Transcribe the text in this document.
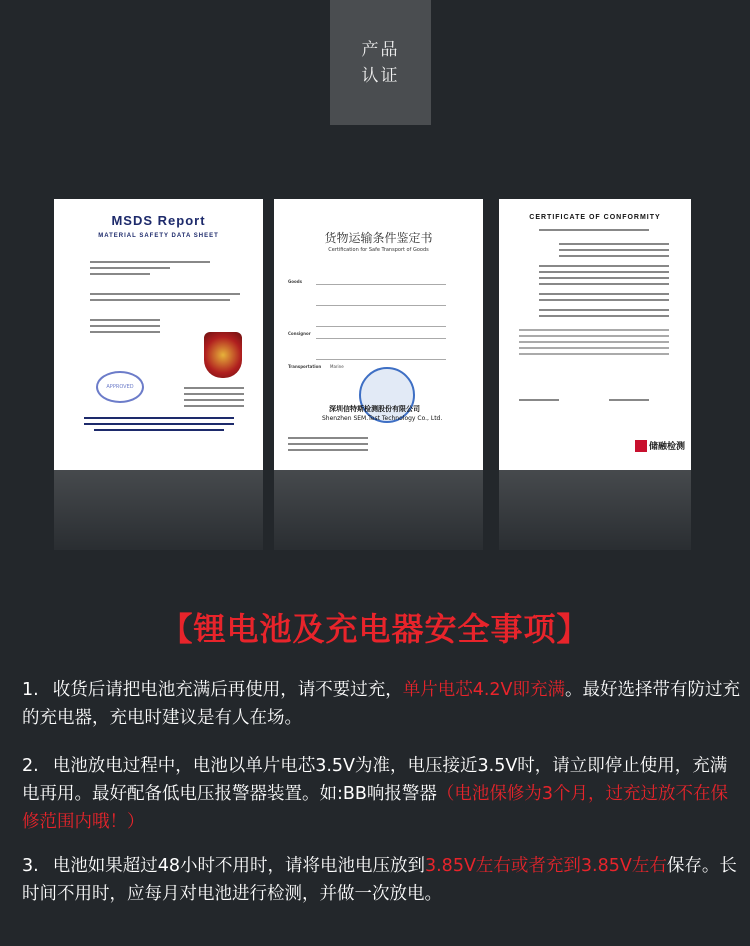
产品
认证
MSDS Report
MATERIAL SAFETY DATA SHEET
APPROVED
货物运输条件鉴定书
Certification for Safe Transport of Goods
Goods
Consignor
Transportation Marine
深圳信特斯检测股份有限公司
Shenzhen SEM.Test Technology Co., Ltd.
CERTIFICATE OF CONFORMITY
储融检测
【锂电池及充电器安全事项】
1. 收货后请把电池充满后再使用，请不要过充，单片电芯4.2V即充满。最好选择带有防过充的充电器，充电时建议是有人在场。
2. 电池放电过程中，电池以单片电芯3.5V为准，电压接近3.5V时，请立即停止使用，充满电再用。最好配备低电压报警器装置。如:BB响报警器（电池保修为3个月，过充过放不在保修范围内哦！）
3. 电池如果超过48小时不用时，请将电池电压放到3.85V左右或者充到3.85V左右保存。长时间不用时，应每月对电池进行检测，并做一次放电。
